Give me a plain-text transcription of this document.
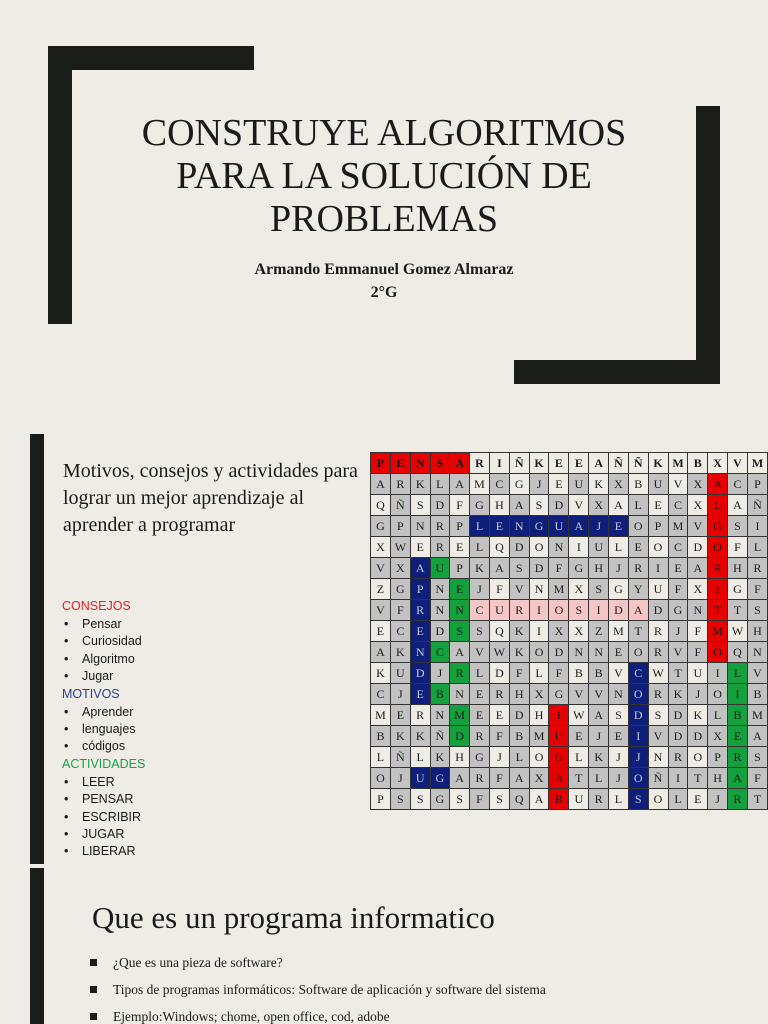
CONSTRUYE ALGORITMOS PARA LA SOLUCIÓN DE PROBLEMAS
Armando Emmanuel Gomez Almaraz
2°G
Motivos, consejos y actividades para lograr un mejor aprendizaje al aprender a programar
CONSEJOS
• Pensar
• Curiosidad
• Algoritmo
• Jugar
MOTIVOS
• Aprender
• lenguajes
• códigos
ACTIVIDADES
• LEER
• PENSAR
• ESCRIBIR
• JUGAR
• LIBERAR
P	E	N	S	A	R	I	Ñ	K	E	E	A	Ñ	Ñ	K	M	B	X	V	M
A	R	K	L	A	M	C	G	J	E	U	K	X	B	U	V	X	A	C	P
Q	Ñ	S	D	F	G	H	A	S	D	V	X	A	L	E	C	X	L	A	Ñ
G	P	N	R	P	L	E	N	G	U	A	J	E	O	P	M	V	G	S	I
X	W	E	R	E	L	Q	D	O	N	I	U	L	E	O	C	D	O	F	L
V	X	A	U	P	K	A	S	D	F	G	H	J	R	I	E	A	R	H	R
Z	G	P	N	E	J	F	V	N	M	X	S	G	Y	U	F	X	I	G	F
V	F	R	N	N	C	U	R	I	O	S	I	D	A	D	G	N	T	T	S
E	C	E	D	S	S	Q	K	I	X	X	Z	M	T	R	J	F	M	W	H
A	K	N	C	A	V	W	K	O	D	N	N	E	O	R	V	F	O	Q	N
K	U	D	J	R	L	D	F	L	F	B	B	V	C	W	T	U	I	L	V
C	J	E	B	N	E	R	H	X	G	V	V	N	O	R	K	J	O	I	B
M	E	R	N	M	E	E	D	H	I	W	A	S	D	S	D	K	L	B	M
B	K	K	Ñ	D	R	F	B	M	U	E	J	E	I	V	D	D	X	E	A
L	Ñ	L	K	H	G	J	L	O	G	L	K	J	J	N	R	O	P	R	S
O	J	U	G	A	R	F	A	X	A	T	L	J	O	Ñ	I	T	H	A	F
P	S	S	G	S	F	S	Q	A	R	U	R	L	S	O	L	E	J	R	T
Que es un programa informatico
¿Que es una pieza de software?
Tipos de programas informáticos: Software de aplicación y software del sistema
Ejemplo:Windows; chome, open office, cod, adobe
